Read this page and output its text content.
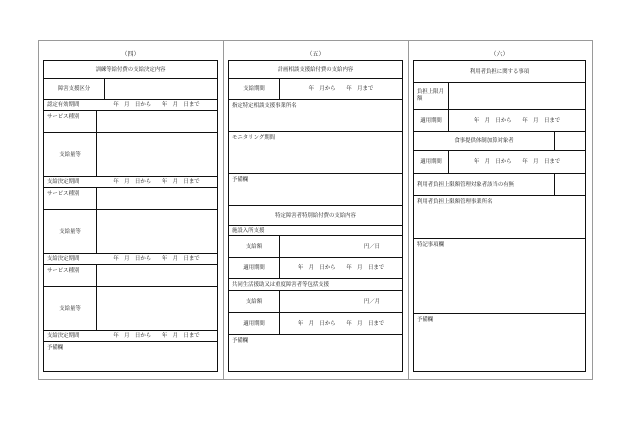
（四）	（五）	（六）
訓練等給付費の支給決定内容
障害支援区分
認定有効期間	年　月　日から　　年　月　日まで
サービス種別
支給量等
支給決定期間	年　月　日から　　年　月　日まで
サービス種別
支給量等
支給決定期間	年　月　日から　　年　月　日まで
サービス種別
支給量等
支給決定期間	年　月　日から　　年　月　日まで
予備欄
計画相談支援給付費の支給内容
支給期間	年　月から　　年　月まで
指定特定相談支援事業所名
モニタリング期間
予備欄
特定障害者特別給付費の支給内容
施設入所支援
支給額	円／日
適用期間	年　月　日から　　年　月　日まで
共同生活援助又は重度障害者等包括支援
支給額	円／月
適用期間	年　月　日から　　年　月　日まで
予備欄
利用者負担に関する事項
負担上限月額
適用期間	年　月　日から　　年　月　日まで
食事提供体制加算対象者
適用期間	年　月　日から　　年　月　日まで
利用者負担上限額管理対象者該当の有無
利用者負担上限額管理事業所名
特記事項欄
予備欄
